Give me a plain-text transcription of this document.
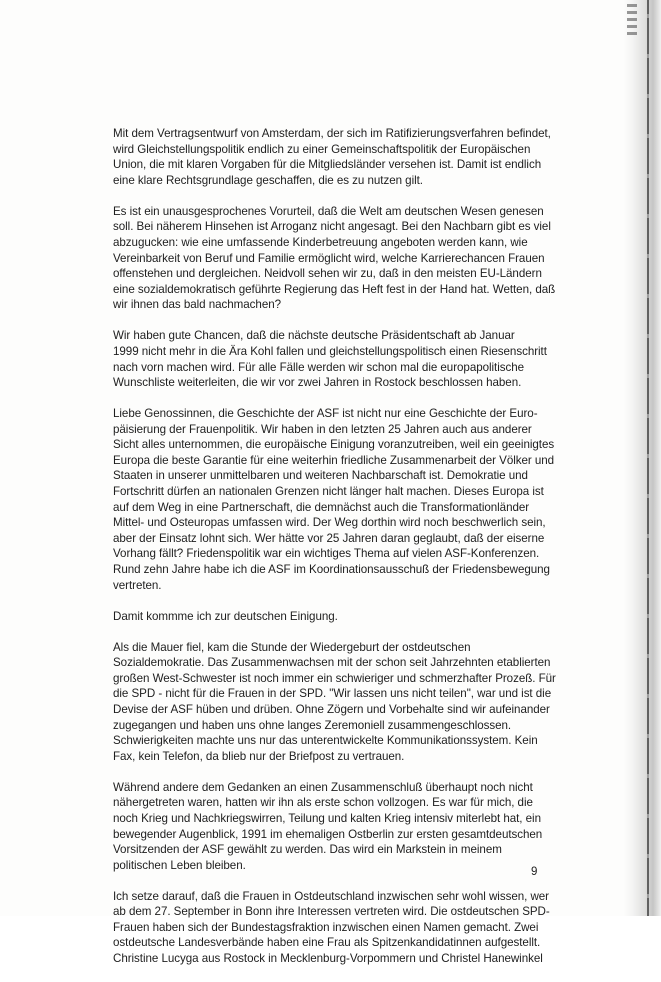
Mit dem Vertragsentwurf von Amsterdam, der sich im Ratifizierungsverfahren befindet,
wird Gleichstellungspolitik endlich zu einer Gemeinschaftspolitik der Europäischen
Union, die mit klaren Vorgaben für die Mitgliedsländer versehen ist. Damit ist endlich
eine klare Rechtsgrundlage geschaffen, die es zu nutzen gilt.
Es ist ein unausgesprochenes Vorurteil, daß die Welt am deutschen Wesen genesen
soll. Bei näherem Hinsehen ist Arroganz nicht angesagt. Bei den Nachbarn gibt es viel
abzugucken: wie eine umfassende Kinderbetreuung angeboten werden kann, wie
Vereinbarkeit von Beruf und Familie ermöglicht wird, welche Karrierechancen Frauen
offenstehen und dergleichen. Neidvoll sehen wir zu, daß in den meisten EU-Ländern
eine sozialdemokratisch geführte Regierung das Heft fest in der Hand hat. Wetten, daß
wir ihnen das bald nachmachen?
Wir haben gute Chancen, daß die nächste deutsche Präsidentschaft ab Januar
1999 nicht mehr in die Ära Kohl fallen und gleichstellungspolitisch einen Riesenschritt
nach vorn machen wird. Für alle Fälle werden wir schon mal die europapolitische
Wunschliste weiterleiten, die wir vor zwei Jahren in Rostock beschlossen haben.
Liebe Genossinnen, die Geschichte der ASF ist nicht nur eine Geschichte der Euro-
päisierung der Frauenpolitik. Wir haben in den letzten 25 Jahren auch aus anderer
Sicht alles unternommen, die europäische Einigung voranzutreiben, weil ein geeinigtes
Europa die beste Garantie für eine weiterhin friedliche Zusammenarbeit der Völker und
Staaten in unserer unmittelbaren und weiteren Nachbarschaft ist. Demokratie und
Fortschritt dürfen an nationalen Grenzen nicht länger halt machen. Dieses Europa ist
auf dem Weg in eine Partnerschaft, die demnächst auch die Transformationländer
Mittel- und Osteuropas umfassen wird. Der Weg dorthin wird noch beschwerlich sein,
aber der Einsatz lohnt sich. Wer hätte vor 25 Jahren daran geglaubt, daß der eiserne
Vorhang fällt? Friedenspolitik war ein wichtiges Thema auf vielen ASF-Konferenzen.
Rund zehn Jahre habe ich die ASF im Koordinationsausschuß der Friedensbewegung
vertreten.
Damit kommme ich zur deutschen Einigung.
Als die Mauer fiel, kam die Stunde der Wiedergeburt der ostdeutschen
Sozialdemokratie. Das Zusammenwachsen mit der schon seit Jahrzehnten etablierten
großen West-Schwester ist noch immer ein schwieriger und schmerzhafter Prozeß. Für
die SPD - nicht für die Frauen in der SPD. "Wir lassen uns nicht teilen", war und ist die
Devise der ASF hüben und drüben. Ohne Zögern und Vorbehalte sind wir aufeinander
zugegangen und haben uns ohne langes Zeremoniell zusammengeschlossen.
Schwierigkeiten machte uns nur das unterentwickelte Kommunikationssystem. Kein
Fax, kein Telefon, da blieb nur der Briefpost zu vertrauen.
Während andere dem Gedanken an einen Zusammenschluß überhaupt noch nicht
nähergetreten waren, hatten wir ihn als erste schon vollzogen. Es war für mich, die
noch Krieg und Nachkriegswirren, Teilung und kalten Krieg intensiv miterlebt hat, ein
bewegender Augenblick, 1991 im ehemaligen Ostberlin zur ersten gesamtdeutschen
Vorsitzenden der ASF gewählt zu werden. Das wird ein Markstein in meinem
politischen Leben bleiben.
Ich setze darauf, daß die Frauen in Ostdeutschland inzwischen sehr wohl wissen, wer
ab dem 27. September in Bonn ihre Interessen vertreten wird. Die ostdeutschen SPD-
Frauen haben sich der Bundestagsfraktion inzwischen einen Namen gemacht. Zwei
ostdeutsche Landesverbände haben eine Frau als Spitzenkandidatinnen aufgestellt.
Christine Lucyga aus Rostock in Mecklenburg-Vorpommern und Christel Hanewinkel
9
